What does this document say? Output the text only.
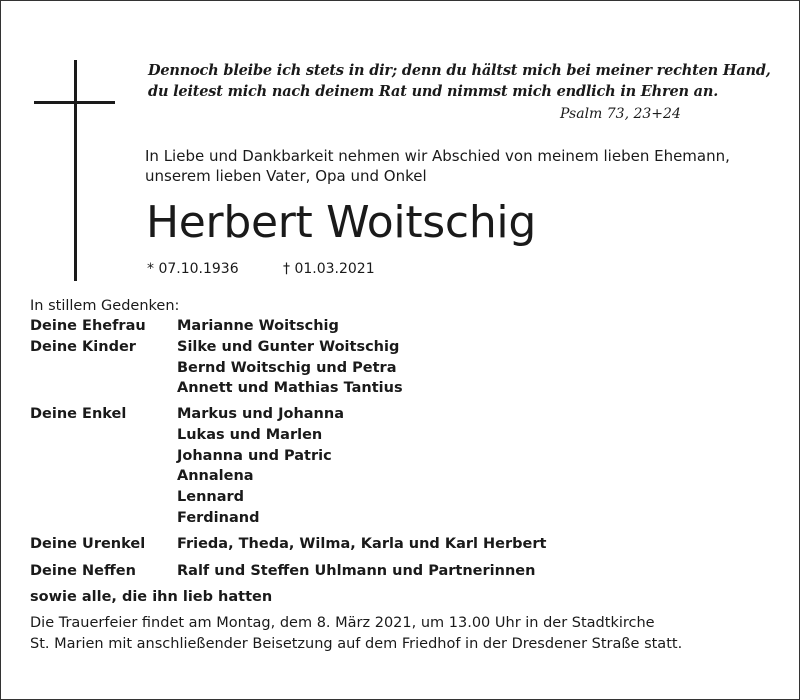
Dennoch bleibe ich stets in dir; denn du hältst mich bei meiner rechten Hand,
du leitest mich nach deinem Rat und nimmst mich endlich in Ehren an.
Psalm 73, 23+24
In Liebe und Dankbarkeit nehmen wir Abschied von meinem lieben Ehemann,
unserem lieben Vater, Opa und Onkel
Herbert Woitschig
* 07.10.1936	† 01.03.2021
In stillem Gedenken:
Deine Ehefrau Marianne Woitschig
Deine Kinder	Silke und Gunter Woitschig
Bernd Woitschig und Petra
Annett und Mathias Tantius
Deine Enkel	Markus und Johanna
Lukas und Marlen
Johanna und Patric
Annalena
Lennard
Ferdinand
Deine Urenkel Frieda, Theda, Wilma, Karla und Karl Herbert
Deine Neffen	Ralf und Steffen Uhlmann und Partnerinnen
sowie alle, die ihn lieb hatten
Die Trauerfeier findet am Montag, dem 8. März 2021, um 13.00 Uhr in der Stadtkirche
St. Marien mit anschließender Beisetzung auf dem Friedhof in der Dresdener Straße statt.
